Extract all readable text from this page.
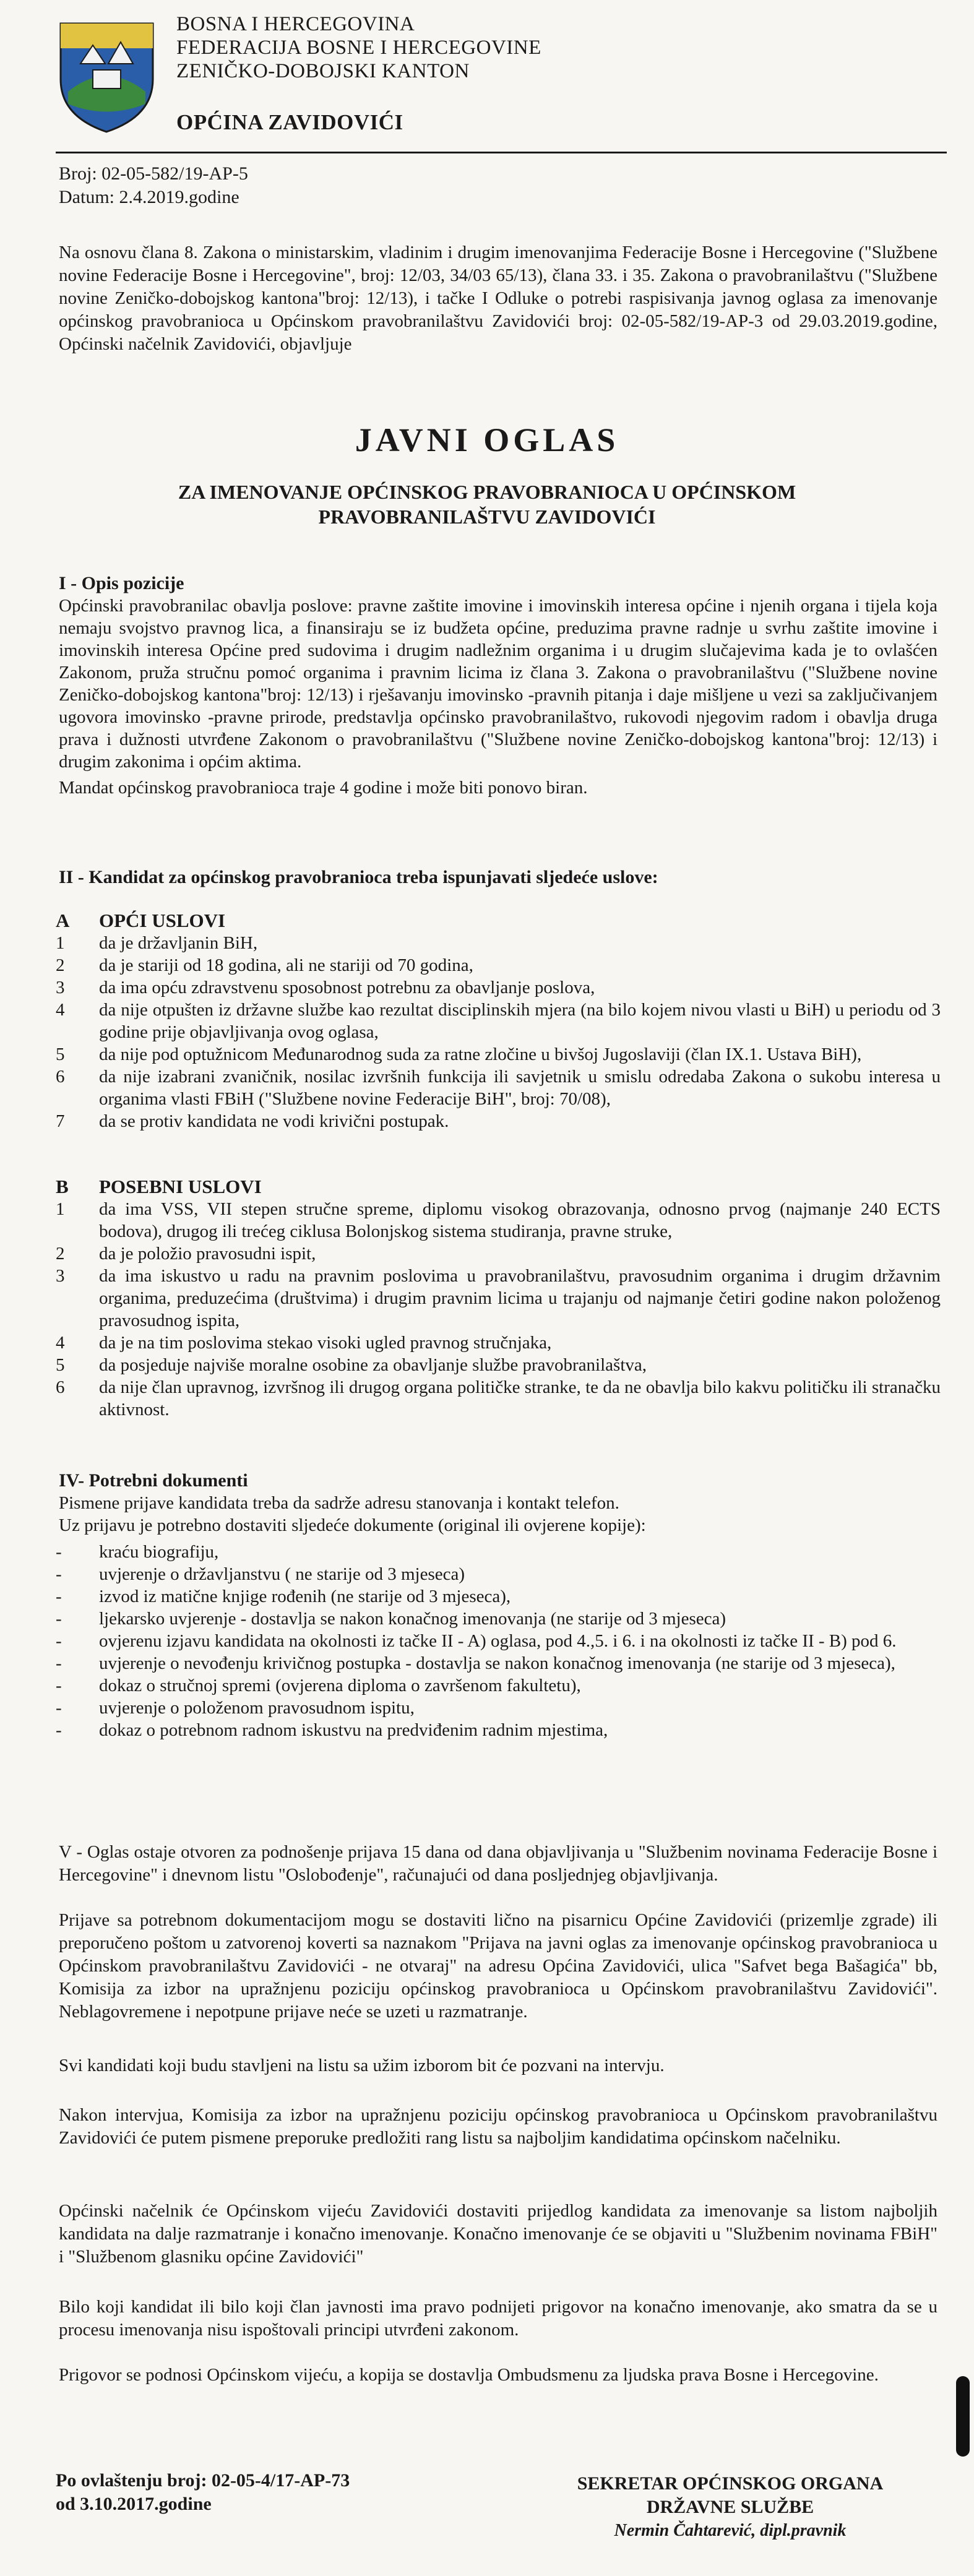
BOSNA I HERCEGOVINA
FEDERACIJA BOSNE I HERCEGOVINE
ZENIČKO-DOBOJSKI KANTON
OPĆINA ZAVIDOVIĆI
Broj: 02-05-582/19-AP-5
Datum: 2.4.2019.godine
Na osnovu člana 8. Zakona o ministarskim, vladinim i drugim imenovanjima Federacije Bosne i Hercegovine ("Službene novine Federacije Bosne i Hercegovine", broj: 12/03, 34/03 65/13), člana 33. i 35. Zakona o pravobranilaštvu ("Službene novine Zeničko-dobojskog kantona"broj: 12/13), i tačke I Odluke o potrebi raspisivanja javnog oglasa za imenovanje općinskog pravobranioca u Općinskom pravobranilaštvu Zavidovići broj: 02-05-582/19-AP-3 od 29.03.2019.godine, Općinski načelnik Zavidovići, objavljuje
JAVNI OGLAS
ZA IMENOVANJE OPĆINSKOG PRAVOBRANIOCA U OPĆINSKOM PRAVOBRANILAŠTVU ZAVIDOVIĆI
I - Opis pozicije
Općinski pravobranilac obavlja poslove: pravne zaštite imovine i imovinskih interesa općine i njenih organa i tijela koja nemaju svojstvo pravnog lica, a finansiraju se iz budžeta općine, preduzima pravne radnje u svrhu zaštite imovine i imovinskih interesa Općine pred sudovima i drugim nadležnim organima i u drugim slučajevima kada je to ovlašćen Zakonom, pruža stručnu pomoć organima i pravnim licima iz člana 3. Zakona o pravobranilaštvu ("Službene novine Zeničko-dobojskog kantona"broj: 12/13) i rješavanju imovinsko -pravnih pitanja i daje mišljene u vezi sa zaključivanjem ugovora imovinsko -pravne prirode, predstavlja općinsko pravobranilaštvo, rukovodi njegovim radom i obavlja druga prava i dužnosti utvrđene Zakonom o pravobranilaštvu ("Službene novine Zeničko-dobojskog kantona"broj: 12/13) i drugim zakonima i općim aktima.
Mandat općinskog pravobranioca traje 4 godine i može biti ponovo biran.
II - Kandidat za općinskog pravobranioca treba ispunjavati sljedeće uslove:
A	OPĆI USLOVI
1	da je državljanin BiH,
2	da je stariji od 18 godina, ali ne stariji od 70 godina,
3	da ima opću zdravstvenu sposobnost potrebnu za obavljanje poslova,
4	da nije otpušten iz državne službe kao rezultat disciplinskih mjera (na bilo kojem nivou vlasti u BiH) u periodu od 3 godine prije objavljivanja ovog oglasa,
5	da nije pod optužnicom Međunarodnog suda za ratne zločine u bivšoj Jugoslaviji (član IX.1. Ustava BiH),
6	da nije izabrani zvaničnik, nosilac izvršnih funkcija ili savjetnik u smislu odredaba Zakona o sukobu interesa u organima vlasti FBiH ("Službene novine Federacije BiH", broj: 70/08),
7	da se protiv kandidata ne vodi krivični postupak.
B	POSEBNI USLOVI
1	da ima VSS, VII stepen stručne spreme, diplomu visokog obrazovanja, odnosno prvog (najmanje 240 ECTS bodova), drugog ili trećeg ciklusa Bolonjskog sistema studiranja, pravne struke,
2	da je položio pravosudni ispit,
3	da ima iskustvo u radu na pravnim poslovima u pravobranilaštvu, pravosudnim organima i drugim državnim organima, preduzećima (društvima) i drugim pravnim licima u trajanju od najmanje četiri godine nakon položenog pravosudnog ispita,
4	da je na tim poslovima stekao visoki ugled pravnog stručnjaka,
5	da posjeduje najviše moralne osobine za obavljanje službe pravobranilaštva,
6	da nije član upravnog, izvršnog ili drugog organa političke stranke, te da ne obavlja bilo kakvu političku ili stranačku aktivnost.
IV- Potrebni dokumenti
Pismene prijave kandidata treba da sadrže adresu stanovanja i kontakt telefon.
Uz prijavu je potrebno dostaviti sljedeće dokumente (original ili ovjerene kopije):
-	kraću biografiju,
-	uvjerenje o državljanstvu ( ne starije od 3 mjeseca)
-	izvod iz matične knjige rođenih (ne starije od 3 mjeseca),
-	ljekarsko uvjerenje - dostavlja se nakon konačnog imenovanja (ne starije od 3 mjeseca)
-	ovjerenu izjavu kandidata na okolnosti iz tačke II - A) oglasa, pod 4.,5. i 6. i na okolnosti iz tačke II - B) pod 6.
-	uvjerenje o nevođenju krivičnog postupka - dostavlja se nakon konačnog imenovanja (ne starije od 3 mjeseca),
-	dokaz o stručnoj spremi (ovjerena diploma o završenom fakultetu),
-	uvjerenje o položenom pravosudnom ispitu,
-	dokaz o potrebnom radnom iskustvu na predviđenim radnim mjestima,
V - Oglas ostaje otvoren za podnošenje prijava 15 dana od dana objavljivanja u "Službenim novinama Federacije Bosne i Hercegovine" i dnevnom listu "Oslobođenje", računajući od dana posljednjeg objavljivanja.
Prijave sa potrebnom dokumentacijom mogu se dostaviti lično na pisarnicu Općine Zavidovići (prizemlje zgrade) ili preporučeno poštom u zatvorenoj koverti sa naznakom "Prijava na javni oglas za imenovanje općinskog pravobranioca u Općinskom pravobranilaštvu Zavidovići - ne otvaraj" na adresu Općina Zavidovići, ulica "Safvet bega Bašagića" bb, Komisija za izbor na upražnjenu poziciju općinskog pravobranioca u Općinskom pravobranilaštvu Zavidovići". Neblagovremene i nepotpune prijave neće se uzeti u razmatranje.
Svi kandidati koji budu stavljeni na listu sa užim izborom bit će pozvani na intervju.
Nakon intervjua, Komisija za izbor na upražnjenu poziciju općinskog pravobranioca u Općinskom pravobranilaštvu Zavidovići će putem pismene preporuke predložiti rang listu sa najboljim kandidatima općinskom načelniku.
Općinski načelnik će Općinskom vijeću Zavidovići dostaviti prijedlog kandidata za imenovanje sa listom najboljih kandidata na dalje razmatranje i konačno imenovanje. Konačno imenovanje će se objaviti u "Službenim novinama FBiH" i "Službenom glasniku općine Zavidovići"
Bilo koji kandidat ili bilo koji član javnosti ima pravo podnijeti prigovor na konačno imenovanje, ako smatra da se u procesu imenovanja nisu ispoštovali principi utvrđeni zakonom.
Prigovor se podnosi Općinskom vijeću, a kopija se dostavlja Ombudsmenu za ljudska prava Bosne i Hercegovine.
Po ovlaštenju broj: 02-05-4/17-AP-73
od 3.10.2017.godine
SEKRETAR OPĆINSKOG ORGANA
DRŽAVNE SLUŽBE
Nermin Čahtarević, dipl.pravnik
